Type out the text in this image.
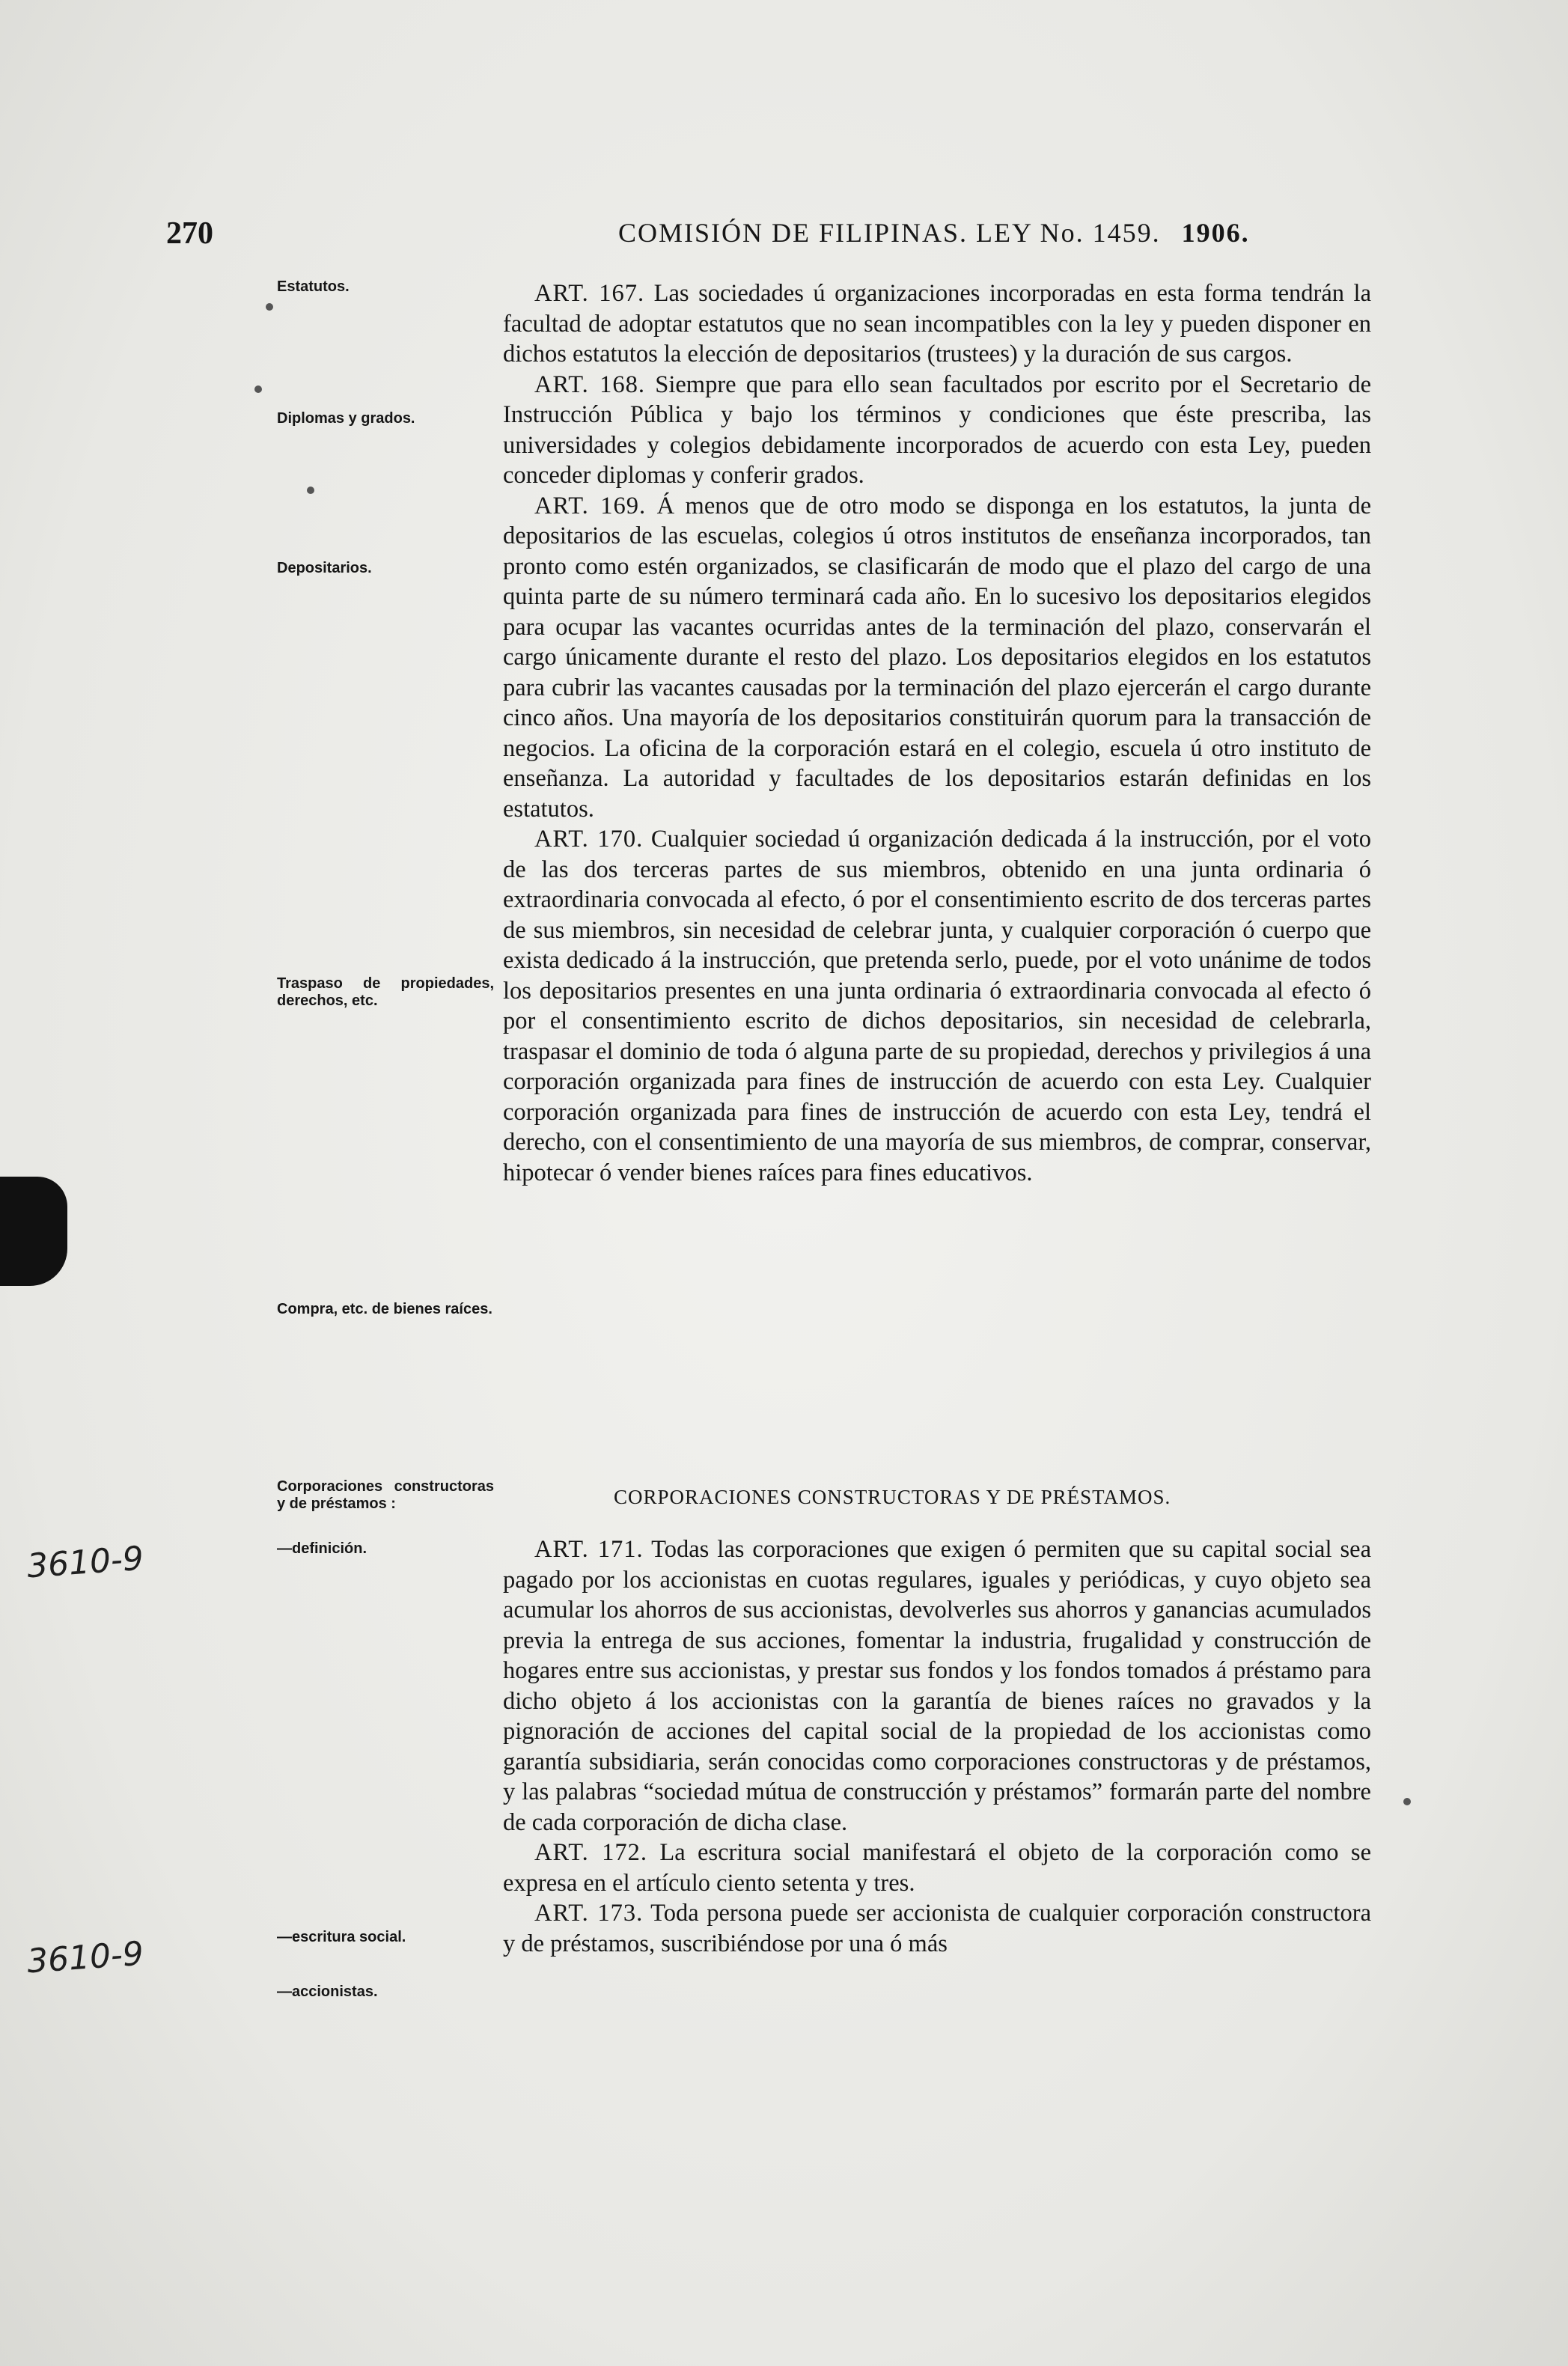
270	COMISIÓN DE FILIPINAS. LEY No. 1459. 1906.
Estatutos.
Diplomas y grados.
Depositarios.
Traspaso de propiedades, derechos, etc.
Compra, etc. de bienes raíces.
Corporaciones constructoras y de préstamos :
—definición.
—escritura social.
—accionistas.

ART. 167. Las sociedades ú organizaciones incorporadas en esta forma tendrán la facultad de adoptar estatutos que no sean incompatibles con la ley y pueden disponer en dichos estatutos la elección de depositarios (trustees) y la duración de sus cargos.

ART. 168. Siempre que para ello sean facultados por escrito por el Secretario de Instrucción Pública y bajo los términos y condiciones que éste prescriba, las universidades y colegios debidamente incorporados de acuerdo con esta Ley, pueden conceder diplomas y conferir grados.

ART. 169. Á menos que de otro modo se disponga en los estatutos, la junta de depositarios de las escuelas, colegios ú otros institutos de enseñanza incorporados, tan pronto como estén organizados, se clasificarán de modo que el plazo del cargo de una quinta parte de su número terminará cada año. En lo sucesivo los depositarios elegidos para ocupar las vacantes ocurridas antes de la terminación del plazo, conservarán el cargo únicamente durante el resto del plazo. Los depositarios elegidos en los estatutos para cubrir las vacantes causadas por la terminación del plazo ejercerán el cargo durante cinco años. Una mayoría de los depositarios constituirán quorum para la transacción de negocios. La oficina de la corporación estará en el colegio, escuela ú otro instituto de enseñanza. La autoridad y facultades de los depositarios estarán definidas en los estatutos.

ART. 170. Cualquier sociedad ú organización dedicada á la instrucción, por el voto de las dos terceras partes de sus miembros, obtenido en una junta ordinaria ó extraordinaria convocada al efecto, ó por el consentimiento escrito de dos terceras partes de sus miembros, sin necesidad de celebrar junta, y cualquier corporación ó cuerpo que exista dedicado á la instrucción, que pretenda serlo, puede, por el voto unánime de todos los depositarios presentes en una junta ordinaria ó extraordinaria convocada al efecto ó por el consentimiento escrito de dichos depositarios, sin necesidad de celebrarla, traspasar el dominio de toda ó alguna parte de su propiedad, derechos y privilegios á una corporación organizada para fines de instrucción de acuerdo con esta Ley. Cualquier corporación organizada para fines de instrucción de acuerdo con esta Ley, tendrá el derecho, con el consentimiento de una mayoría de sus miembros, de comprar, conservar, hipotecar ó vender bienes raíces para fines educativos.

CORPORACIONES CONSTRUCTORAS Y DE PRÉSTAMOS.

ART. 171. Todas las corporaciones que exigen ó permiten que su capital social sea pagado por los accionistas en cuotas regulares, iguales y periódicas, y cuyo objeto sea acumular los ahorros de sus accionistas, devolverles sus ahorros y ganancias acumulados previa la entrega de sus acciones, fomentar la industria, frugalidad y construcción de hogares entre sus accionistas, y prestar sus fondos y los fondos tomados á préstamo para dicho objeto á los accionistas con la garantía de bienes raíces no gravados y la pignoración de acciones del capital social de la propiedad de los accionistas como garantía subsidiaria, serán conocidas como corporaciones constructoras y de préstamos, y las palabras “sociedad mútua de construcción y préstamos” formarán parte del nombre de cada corporación de dicha clase.

ART. 172. La escritura social manifestará el objeto de la corporación como se expresa en el artículo ciento setenta y tres.

ART. 173. Toda persona puede ser accionista de cualquier corporación constructora y de préstamos, suscribiéndose por una ó más

3610-9
3610-9
